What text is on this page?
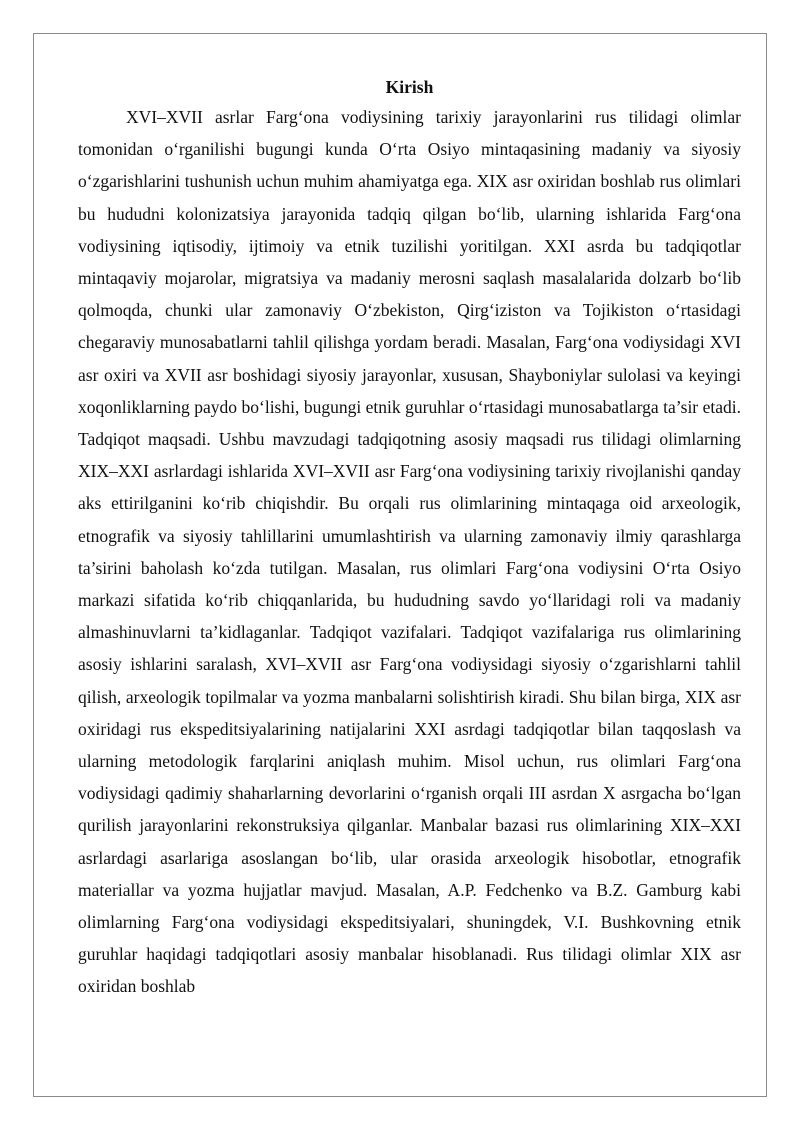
Kirish

XVI–XVII asrlar Farg‘ona vodiysining tarixiy jarayonlarini rus tilidagi olimlar tomonidan o‘rganilishi bugungi kunda O‘rta Osiyo mintaqasining madaniy va siyosiy o‘zgarishlarini tushunish uchun muhim ahamiyatga ega. XIX asr oxiridan boshlab rus olimlari bu hududni kolonizatsiya jarayonida tadqiq qilgan bo‘lib, ularning ishlarida Farg‘ona vodiysining iqtisodiy, ijtimoiy va etnik tuzilishi yoritilgan. XXI asrda bu tadqiqotlar mintaqaviy mojarolar, migratsiya va madaniy merosni saqlash masalalarida dolzarb bo‘lib qolmoqda, chunki ular zamonaviy O‘zbekiston, Qirg‘iziston va Tojikiston o‘rtasidagi chegaraviy munosabatlarni tahlil qilishga yordam beradi. Masalan, Farg‘ona vodiysidagi XVI asr oxiri va XVII asr boshidagi siyosiy jarayonlar, xususan, Shayboniylar sulolasi va keyingi xoqonliklarning paydo bo‘lishi, bugungi etnik guruhlar o‘rtasidagi munosabatlarga ta’sir etadi. Tadqiqot maqsadi. Ushbu mavzudagi tadqiqotning asosiy maqsadi rus tilidagi olimlarning XIX–XXI asrlardagi ishlarida XVI–XVII asr Farg‘ona vodiysining tarixiy rivojlanishi qanday aks ettirilganini ko‘rib chiqishdir. Bu orqali rus olimlarining mintaqaga oid arxeologik, etnografik va siyosiy tahlillarini umumlashtirish va ularning zamonaviy ilmiy qarashlarga ta’sirini baholash ko‘zda tutilgan. Masalan, rus olimlari Farg‘ona vodiysini O‘rta Osiyo markazi sifatida ko‘rib chiqqanlarida, bu hududning savdo yo‘llaridagi roli va madaniy almashinuvlarni ta’kidlaganlar. Tadqiqot vazifalari. Tadqiqot vazifalariga rus olimlarining asosiy ishlarini saralash, XVI–XVII asr Farg‘ona vodiysidagi siyosiy o‘zgarishlarni tahlil qilish, arxeologik topilmalar va yozma manbalarni solishtirish kiradi. Shu bilan birga, XIX asr oxiridagi rus ekspeditsiyalarining natijalarini XXI asrdagi tadqiqotlar bilan taqqoslash va ularning metodologik farqlarini aniqlash muhim. Misol uchun, rus olimlari Farg‘ona vodiysidagi qadimiy shaharlarning devorlarini o‘rganish orqali III asrdan X asrgacha bo‘lgan qurilish jarayonlarini rekonstruksiya qilganlar. Manbalar bazasi rus olimlarining XIX–XXI asrlardagi asarlariga asoslangan bo‘lib, ular orasida arxeologik hisobotlar, etnografik materiallar va yozma hujjatlar mavjud. Masalan, A.P. Fedchenko va B.Z. Gamburg kabi olimlarning Farg‘ona vodiysidagi ekspeditsiyalari, shuningdek, V.I. Bushkovning etnik guruhlar haqidagi tadqiqotlari asosiy manbalar hisoblanadi. Rus tilidagi olimlar XIX asr oxiridan boshlab
